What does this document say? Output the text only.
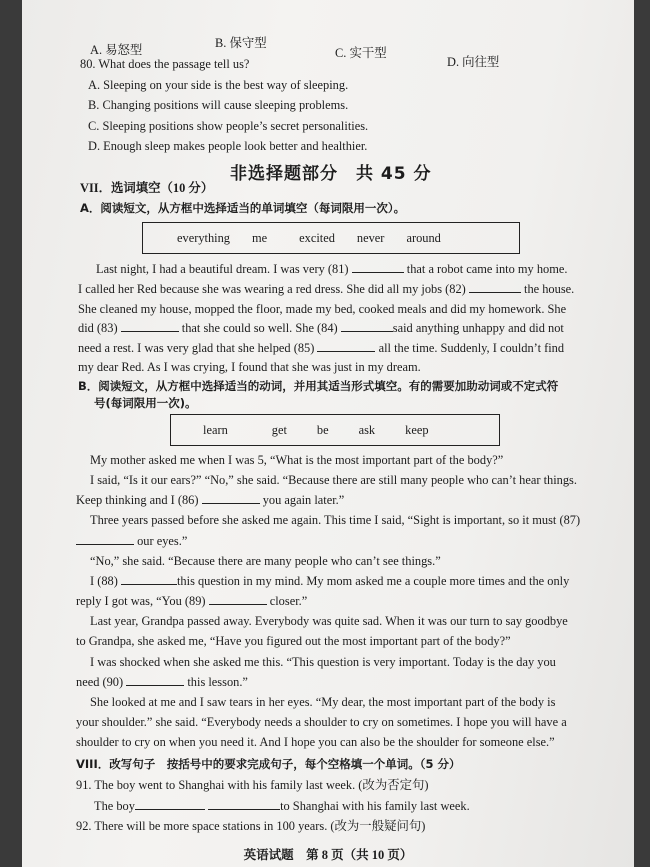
A. 易怒型	B. 保守型
C. 实干型
D. 向往型
80. What does the passage tell us?
A. Sleeping on your side is the best way of sleeping.
B. Changing positions will cause sleeping problems.
C. Sleeping positions show people’s secret personalities.
D. Enough sleep makes people look better and healthier.
非选择题部分　共 45 分
VII．选词填空（10 分）
A．阅读短文，从方框中选择适当的单词填空（每词限用一次）。
everything me	excited never around
Last night, I had a beautiful dream. I was very (81)	that a robot came into my home.
I called her Red because she was wearing a red dress. She did all my jobs (82)	the house.
She cleaned my house, mopped the floor, made my bed, cooked meals and did my homework. She
did (83)	that she could so well. She (84)	said anything unhappy and did not
need a rest. I was very glad that she helped (85)	all the time. Suddenly, I couldn’t find
my dear Red. As I was crying, I found that she was just in my dream.
B．阅读短文，从方框中选择适当的动词，并用其适当形式填空。有的需要加助动词或不定式符
号(每词限用一次)。
learn	get be ask keep
My mother asked me when I was 5, “What is the most important part of the body?”
I said, “Is it our ears?” “No,” she said. “Because there are still many people who can’t hear things.
Keep thinking and I (86)	you again later.”
Three years passed before she asked me again. This time I said, “Sight is important, so it must (87)
our eyes.”
“No,” she said. “Because there are many people who can’t see things.”
I (88)	this question in my mind. My mom asked me a couple more times and the only
reply I got was, “You (89)	closer.”
Last year, Grandpa passed away. Everybody was quite sad. When it was our turn to say goodbye
to Grandpa, she asked me, “Have you figured out the most important part of the body?”
I was shocked when she asked me this. “This question is very important. Today is the day you
need (90)	this lesson.”
She looked at me and I saw tears in her eyes. “My dear, the most important part of the body is
your shoulder.” she said. “Everybody needs a shoulder to cry on sometimes. I hope you will have a
shoulder to cry on when you need it. And I hope you can also be the shoulder for someone else.”
VIII．改写句子　按括号中的要求完成句子，每个空格填一个单词。（5 分）
91. The boy went to Shanghai with his family last week. (改为否定句)
The boy	to Shanghai with his family last week.
92. There will be more space stations in 100 years. (改为一般疑问句)
英语试题　第 8 页（共 10 页）
